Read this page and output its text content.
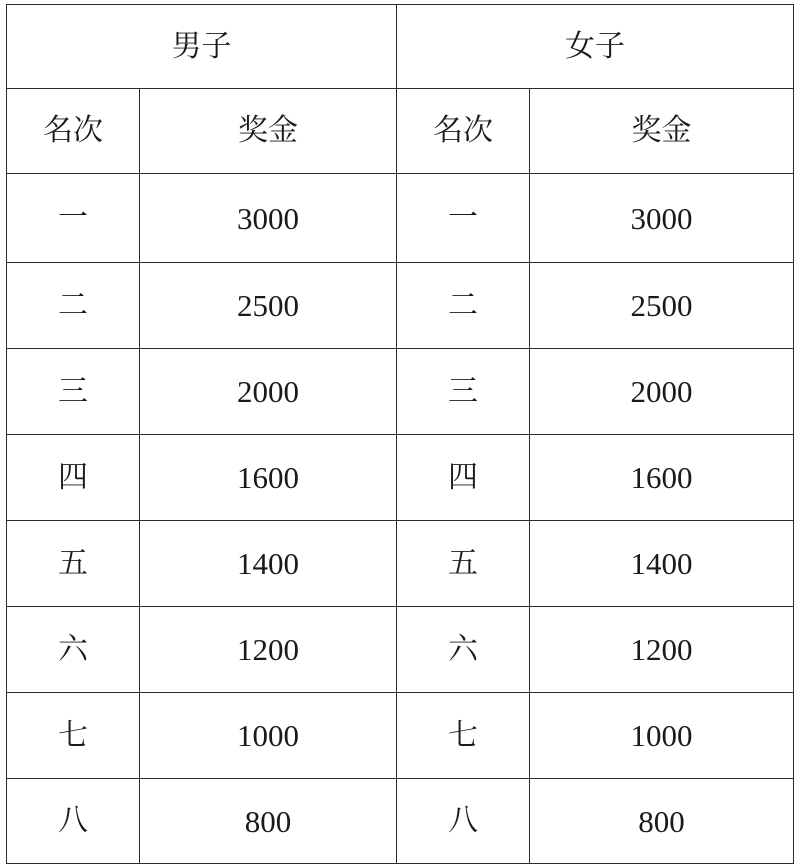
男子		女子	
名次	奖金	名次	奖金
一	3000	一	3000
二	2500	二	2500
三	2000	三	2000
四	1600	四	1600
五	1400	五	1400
六	1200	六	1200
七	1000	七	1000
八	800	八	800
